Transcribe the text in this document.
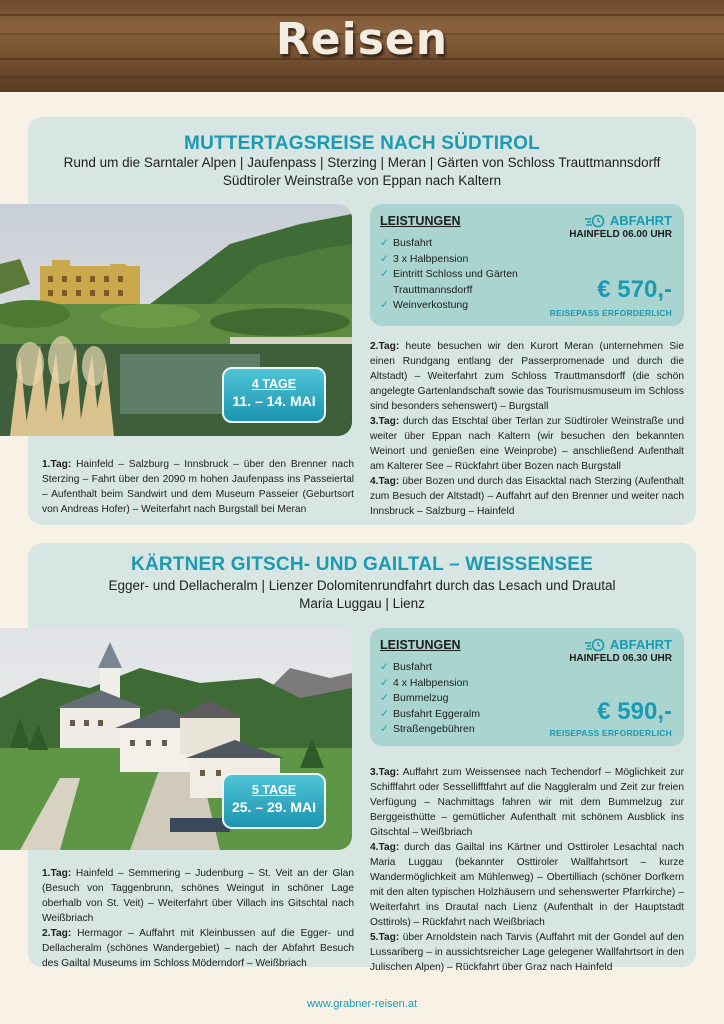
Reisen
MUTTERTAGSREISE NACH SÜDTIROL
Rund um die Sarntaler Alpen | Jaufenpass | Sterzing | Meran | Gärten von Schloss Trauttmannsdorff
Südtiroler Weinstraße von Eppan nach Kaltern
4 TAGE
11. – 14. MAI
LEISTUNGEN
✓ Busfahrt
✓ 3 x Halbpension
✓ Eintritt Schloss und Gärten Trauttmannsdorff
✓ Weinverkostung
ABFAHRT
HAINFELD 06.00 UHR
€ 570,-
REISEPASS ERFORDERLICH

2.Tag: heute besuchen wir den Kurort Meran (unternehmen Sie einen Rundgang entlang der Passerpromenade und durch die Altstadt) – Weiterfahrt zum Schloss Trauttmansdorff (die schön angelegte Gartenlandschaft sowie das Tourismusmuseum im Schloss sind besonders sehenswert) – Burgstall

3.Tag: durch das Etschtal über Terlan zur Südtiroler Weinstraße und weiter über Eppan nach Kaltern (wir besuchen den bekannten Weinort und genießen eine Weinprobe) – anschließend Aufenthalt am Kalterer See – Rückfahrt über Bozen nach Burgstall

4.Tag: über Bozen und durch das Eisacktal nach Sterzing (Aufenthalt zum Besuch der Altstadt) – Auffahrt auf den Brenner und weiter nach Innsbruck – Salzburg – Hainfeld

1.Tag: Hainfeld – Salzburg – Innsbruck – über den Brenner nach Sterzing – Fahrt über den 2090 m hohen Jaufenpass ins Passeiertal – Aufenthalt beim Sandwirt und dem Museum Passeier (Geburtsort von Andreas Hofer) – Weiterfahrt nach Burgstall bei Meran

KÄRTNER GITSCH- UND GAILTAL – WEISSENSEE
Egger- und Dellacheralm | Lienzer Dolomitenrundfahrt durch das Lesach und Drautal
Maria Luggau | Lienz
5 TAGE
25. – 29. MAI
LEISTUNGEN
✓ Busfahrt
✓ 4 x Halbpension
✓ Bummelzug
✓ Busfahrt Eggeralm
✓ Straßengebühren
ABFAHRT
HAINFELD 06.30 UHR
€ 590,-
REISEPASS ERFORDERLICH

3.Tag: Auffahrt zum Weissensee nach Techendorf – Möglichkeit zur Schifffahrt oder Sessellifftfahrt auf die Naggleralm und Zeit zur freien Verfügung – Nachmittags fahren wir mit dem Bummelzug zur Berggeisthütte – gemütlicher Aufenthalt mit schönem Ausblick ins Gitschtal – Weißbriach

4.Tag: durch das Gailtal ins Kärtner und Osttiroler Lesachtal nach Maria Luggau (bekannter Osttiroler Wallfahrtsort – kurze Wandermöglichkeit am Mühlenweg) – Obertilliach (schöner Dorfkern mit den alten typischen Holzhäusern und sehenswerter Pfarrkirche) – Weiterfahrt ins Drautal nach Lienz (Aufenthalt in der Hauptstadt Osttirols) – Rückfahrt nach Weißbriach

5.Tag: über Arnoldstein nach Tarvis (Auffahrt mit der Gondel auf den Lussariberg – in aussichtsreicher Lage gelegener Wallfahrtsort in den Julischen Alpen) – Rückfahrt über Graz nach Hainfeld

1.Tag: Hainfeld – Semmering – Judenburg – St. Veit an der Glan (Besuch von Taggenbrunn, schönes Weingut in schöner Lage oberhalb von St. Veit) – Weiterfahrt über Villach ins Gitschtal nach Weißbriach

2.Tag: Hermagor – Auffahrt mit Kleinbussen auf die Egger- und Dellacheralm (schönes Wandergebiet) – nach der Abfahrt Besuch des Gailtal Museums im Schloss Möderndorf – Weißbriach

www.grabner-reisen.at
